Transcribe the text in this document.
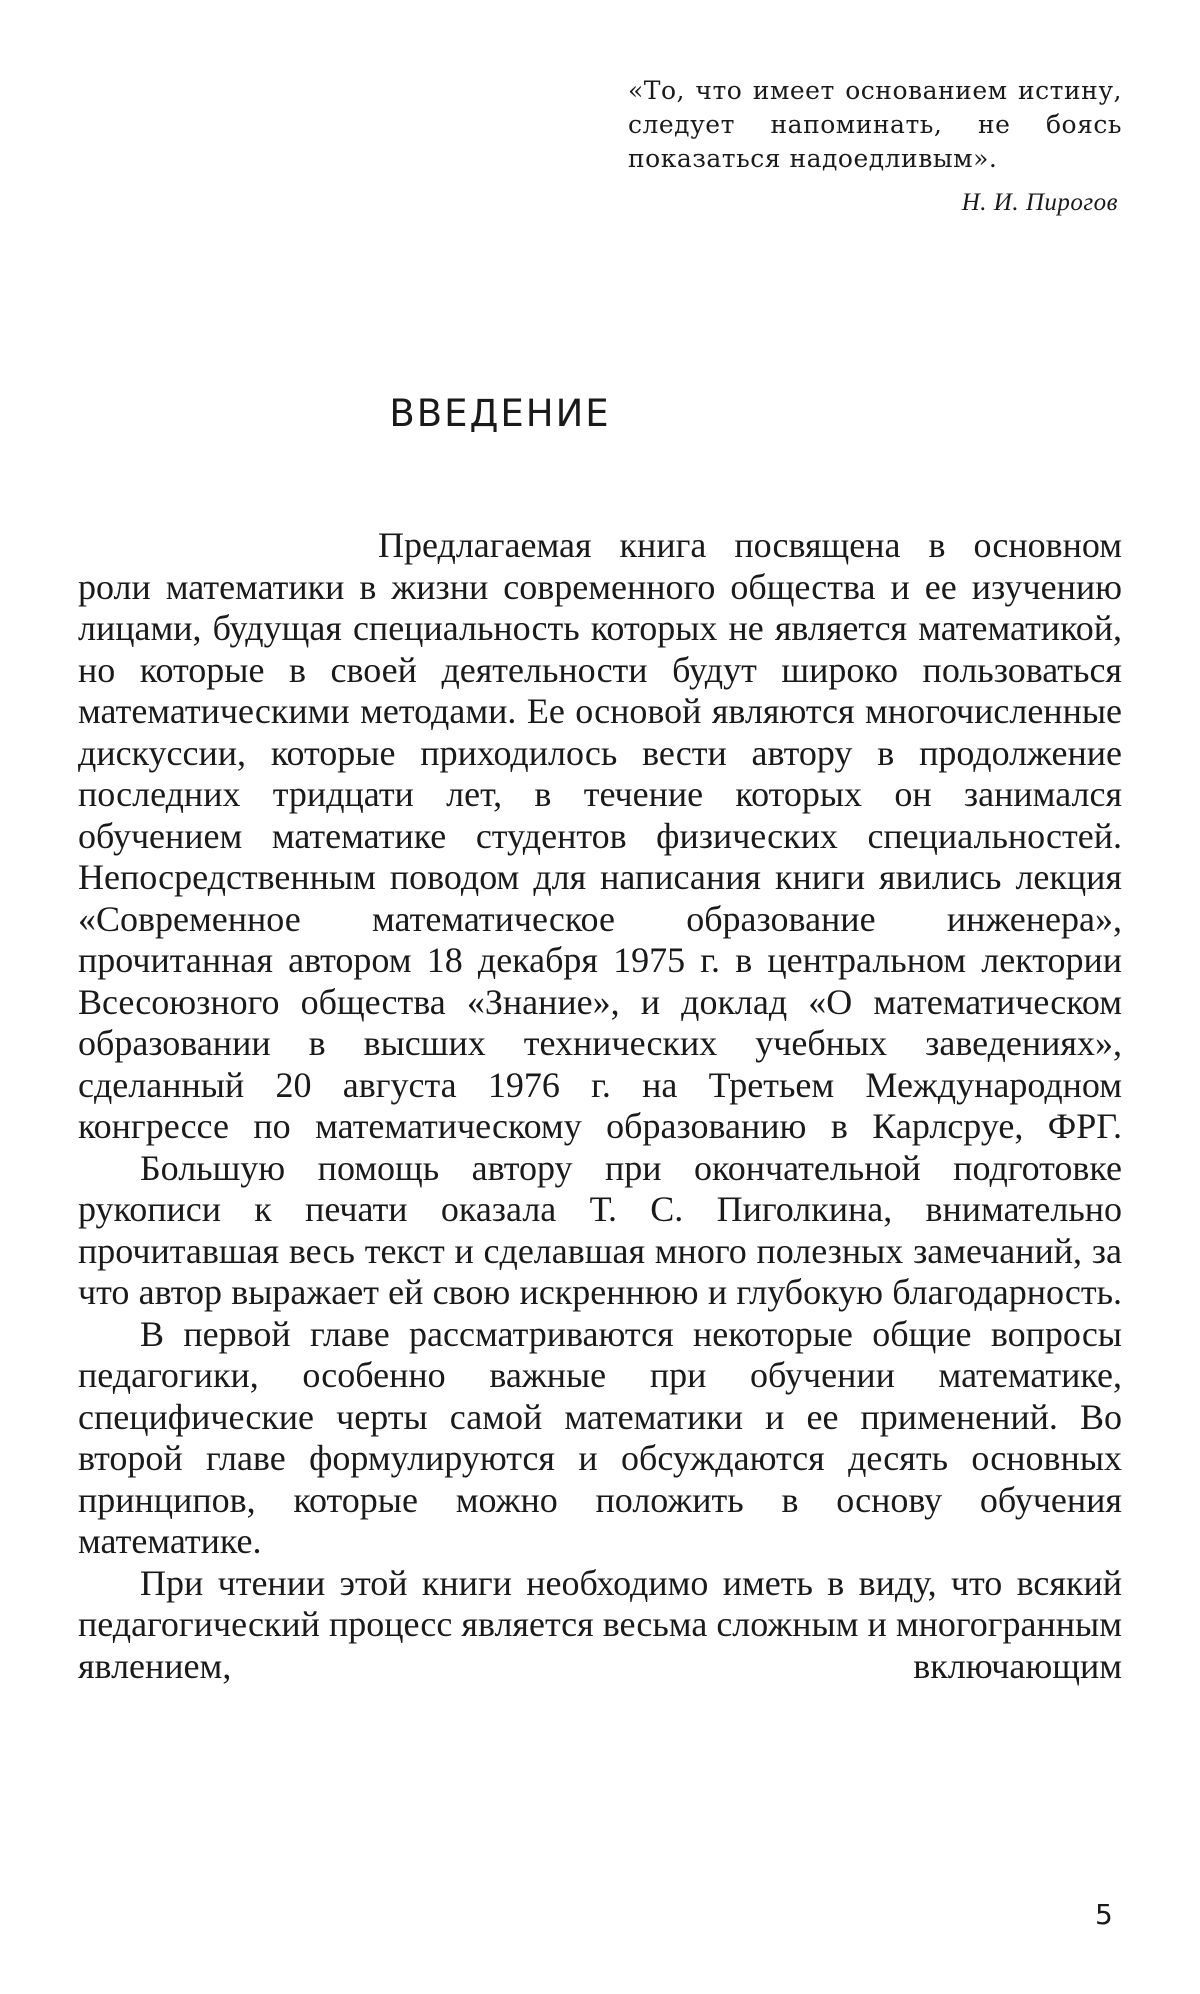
«То, что имеет основанием истину, следует напоминать, не боясь показаться надоедливым».

Н. И. Пирогов

ВВЕДЕНИЕ

Предлагаемая книга посвящена в основном роли математики в жизни современного общества и ее изучению лицами, будущая специальность которых не является математикой, но которые в своей деятельности будут широко пользоваться математическими методами. Ее основой являются многочисленные дискуссии, которые приходилось вести автору в продолжение последних тридцати лет, в течение которых он занимался обучением математике студентов физических специальностей. Непосредственным поводом для написания книги явились лекция «Современное математическое образование инженера», прочитанная автором 18 декабря 1975 г. в центральном лектории Всесоюзного общества «Знание», и доклад «О математическом образовании в высших технических учебных заведениях», сделанный 20 августа 1976 г. на Третьем Международном конгрессе по математическому образованию в Карлсруе, ФРГ.

Большую помощь автору при окончательной подготовке рукописи к печати оказала Т. С. Пиголкина, внимательно прочитавшая весь текст и сделавшая много полезных замечаний, за что автор выражает ей свою искреннюю и глубокую благодарность.

В первой главе рассматриваются некоторые общие вопросы педагогики, особенно важные при обучении математике, специфические черты самой математики и ее применений. Во второй главе формулируются и обсуждаются десять основных принципов, которые можно положить в основу обучения математике.

При чтении этой книги необходимо иметь в виду, что всякий педагогический процесс является весьма сложным и многогранным явлением, включающим

5
